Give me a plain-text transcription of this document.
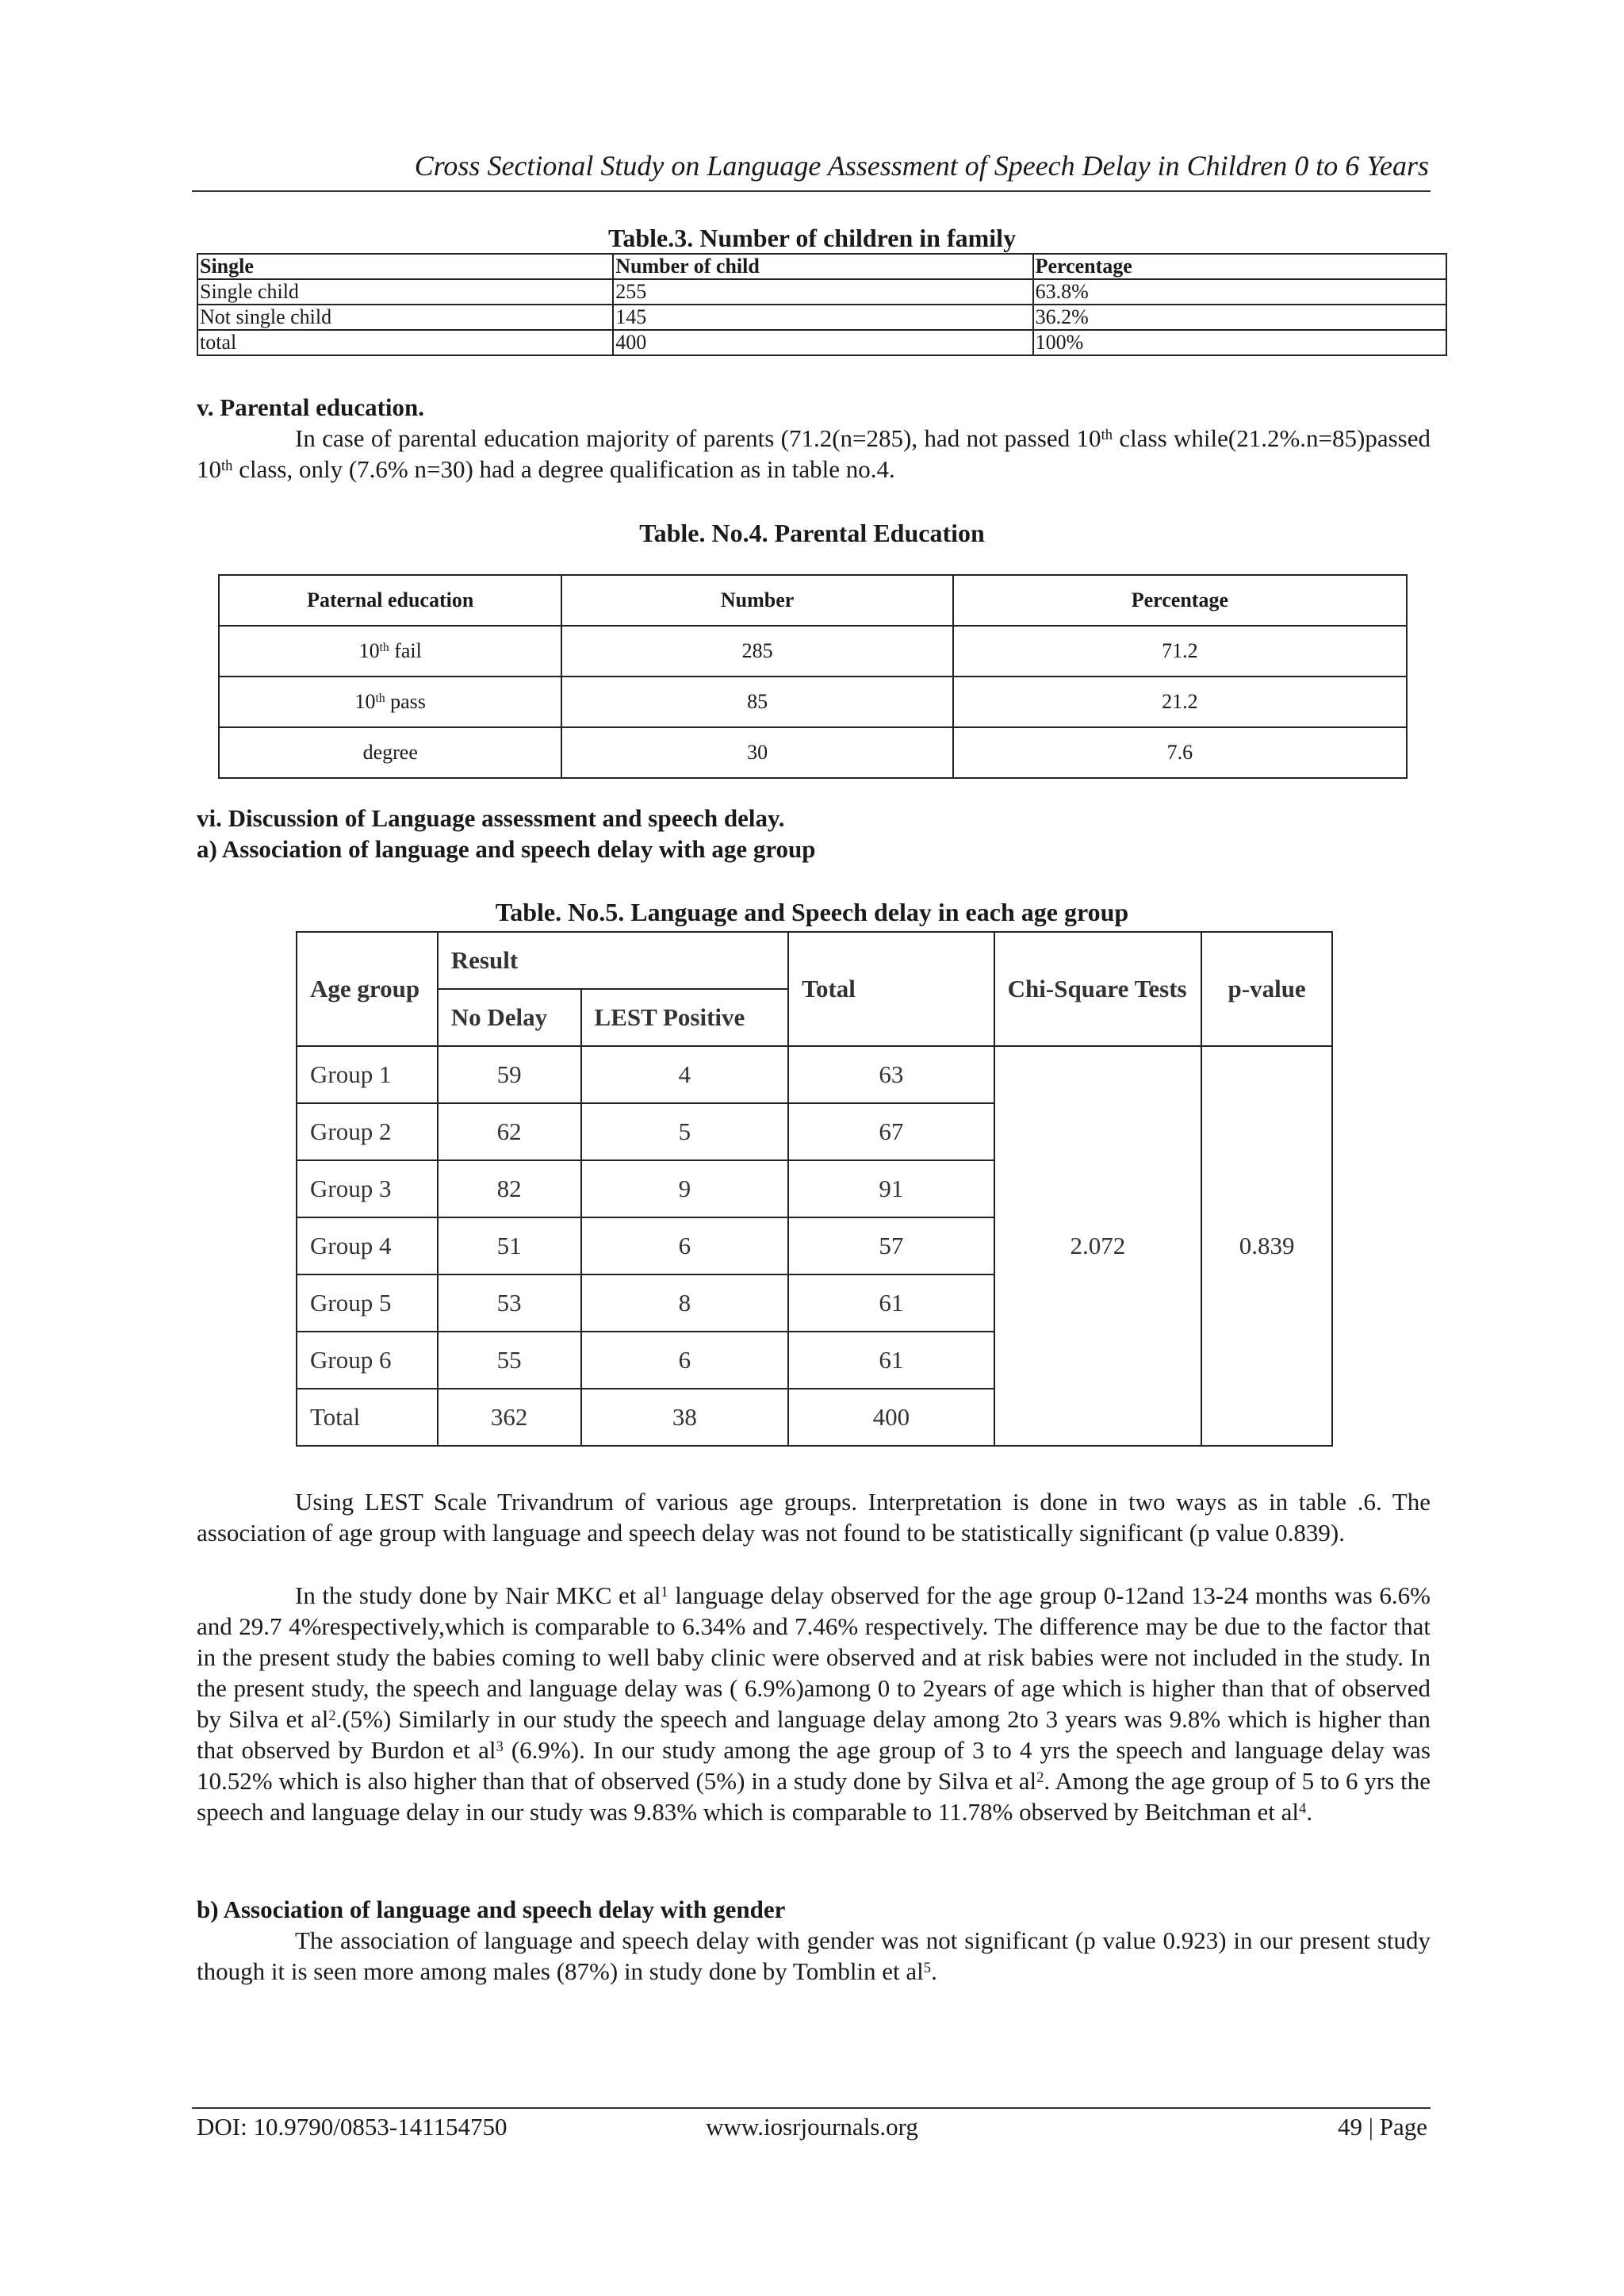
Cross Sectional Study on Language Assessment of Speech Delay in Children 0 to 6 Years
Table.3. Number of children in family
Single	Number of child	Percentage
Single child	255	63.8%
Not single child	145	36.2%
total	400	100%
v. Parental education.
In case of parental education majority of parents (71.2(n=285), had not passed 10th class while(21.2%.n=85)passed 10th class, only (7.6% n=30) had a degree qualification as in table no.4.
Table. No.4. Parental Education
Paternal education	Number	Percentage
10th fail	285	71.2
10th pass	85	21.2
degree	30	7.6
vi. Discussion of Language assessment and speech delay.
a) Association of language and speech delay with age group
Table. No.5. Language and Speech delay in each age group
Age group	Result		Total	Chi-Square Tests	p-value
	No Delay	LEST Positive			
Group 1	59	4	63	2.072	0.839
Group 2	62	5	67		
Group 3	82	9	91		
Group 4	51	6	57		
Group 5	53	8	61		
Group 6	55	6	61		
Total	362	38	400		
Using LEST Scale Trivandrum of various age groups. Interpretation is done in two ways as in table .6. The association of age group with language and speech delay was not found to be statistically significant (p value 0.839).
In the study done by Nair MKC et $al^1$ language delay observed for the age group 0-12and 13-24 months was 6.6% and 29.7 4%respectively,which is comparable to 6.34% and 7.46% respectively. The difference may be due to the factor that in the present study the babies coming to well baby clinic were observed and at risk babies were not included in the study. In the present study, the speech and language delay was ( 6.9%)among 0 to 2years of age which is higher than that of observed by Silva et $al^2.(5\%)$ Similarly in our study the speech and language delay among 2to 3 years was 9.8% which is higher than that observed by Burdon et $al^3$ (6.9%). In our study among the age group of 3 to 4 yrs the speech and language delay was 10.52% which is also higher than that of observed (5%) in a study done by Silva et $al^2$. Among the age group of 5 to 6 yrs the speech and language delay in our study was 9.83% which is comparable to 11.78% observed by Beitchman et $al^4$.
b) Association of language and speech delay with gender
The association of language and speech delay with gender was not significant (p value 0.923) in our present study though it is seen more among males (87%) in study done by Tomblin et $al^5$.
DOI: 10.9790/0853-141154750	www.iosrjournals.org	49 | Page
